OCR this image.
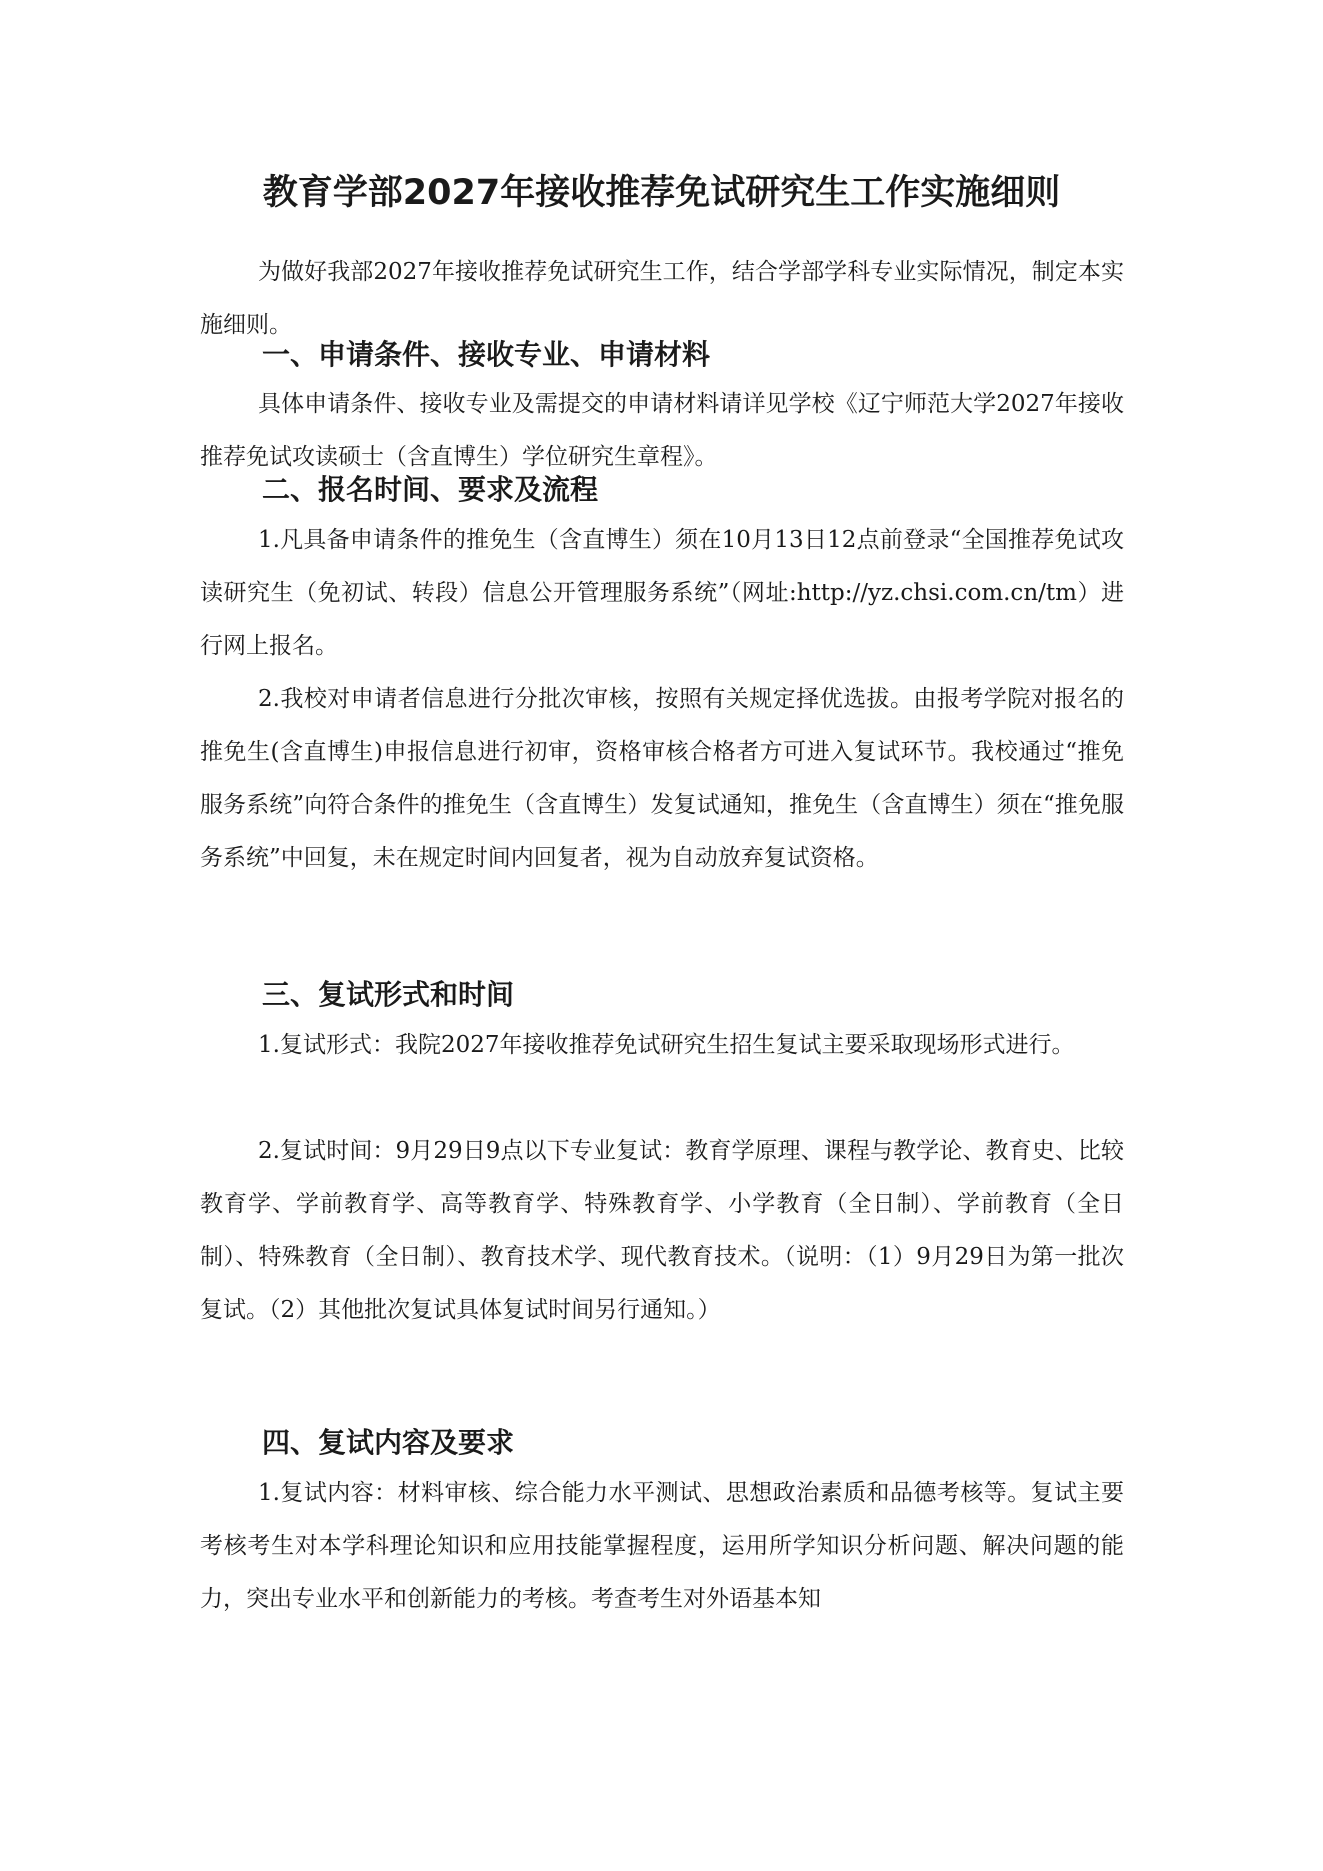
教育学部2027年接收推荐免试研究生工作实施细则

为做好我部2027年接收推荐免试研究生工作，结合学部学科专业实际情况，制定本实施细则。

一、申请条件、接收专业、申请材料

具体申请条件、接收专业及需提交的申请材料请详见学校《辽宁师范大学2027年接收推荐免试攻读硕士（含直博生）学位研究生章程》。

二、报名时间、要求及流程

1.凡具备申请条件的推免生（含直博生）须在10月13日12点前登录“全国推荐免试攻读研究生（免初试、转段）信息公开管理服务系统”（网址:http://yz.chsi.com.cn/tm）进行网上报名。

2.我校对申请者信息进行分批次审核，按照有关规定择优选拔。由报考学院对报名的推免生(含直博生)申报信息进行初审，资格审核合格者方可进入复试环节。我校通过“推免服务系统”向符合条件的推免生（含直博生）发复试通知，推免生（含直博生）须在“推免服务系统”中回复，未在规定时间内回复者，视为自动放弃复试资格。

三、复试形式和时间

1.复试形式：我院2027年接收推荐免试研究生招生复试主要采取现场形式进行。

2.复试时间：9月29日9点以下专业复试：教育学原理、课程与教学论、教育史、比较教育学、学前教育学、高等教育学、特殊教育学、小学教育（全日制）、学前教育（全日制）、特殊教育（全日制）、教育技术学、现代教育技术。（说明：（1）9月29日为第一批次复试。（2）其他批次复试具体复试时间另行通知。）

四、复试内容及要求

1.复试内容：材料审核、综合能力水平测试、思想政治素质和品德考核等。复试主要考核考生对本学科理论知识和应用技能掌握程度，运用所学知识分析问题、解决问题的能力，突出专业水平和创新能力的考核。考查考生对外语基本知
